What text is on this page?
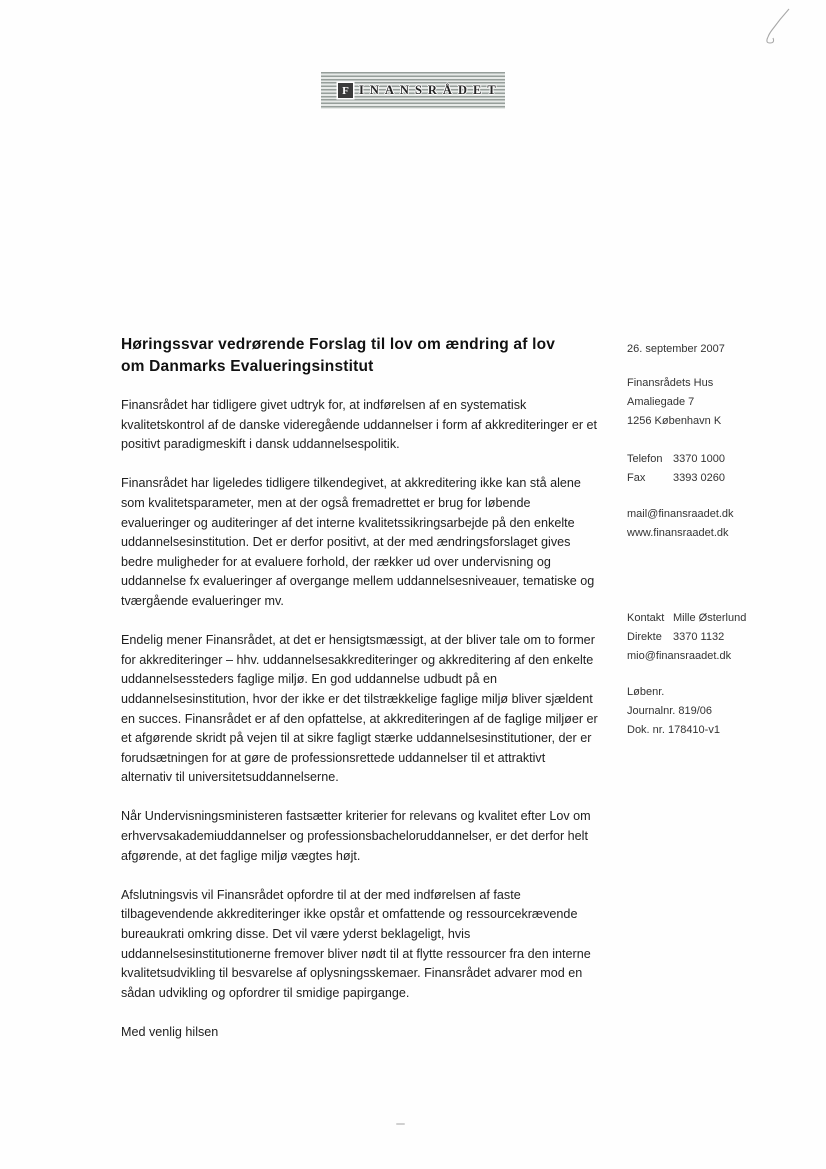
F INANSRÅDET
Høringssvar vedrørende Forslag til lov om ændring af lov
om Danmarks Evalueringsinstitut

Finansrådet har tidligere givet udtryk for, at indførelsen af en systematisk kvalitetskontrol af de danske videregående uddannelser i form af akkrediteringer er et positivt paradigmeskift i dansk uddannelsespolitik.

Finansrådet har ligeledes tidligere tilkendegivet, at akkreditering ikke kan stå alene som kvalitetsparameter, men at der også fremadrettet er brug for løbende evalueringer og auditeringer af det interne kvalitetssikringsarbejde på den enkelte uddannelsesinstitution. Det er derfor positivt, at der med ændringsforslaget gives bedre muligheder for at evaluere forhold, der rækker ud over undervisning og uddannelse fx evalueringer af overgange mellem uddannelsesniveauer, tematiske og tværgående evalueringer mv.

Endelig mener Finansrådet, at det er hensigtsmæssigt, at der bliver tale om to former for akkrediteringer – hhv. uddannelsesakkrediteringer og akkreditering af den enkelte uddannelsessteders faglige miljø. En god uddannelse udbudt på en uddannelsesinstitution, hvor der ikke er det tilstrækkelige faglige miljø bliver sjældent en succes. Finansrådet er af den opfattelse, at akkrediteringen af de faglige miljøer er et afgørende skridt på vejen til at sikre fagligt stærke uddannelsesinstitutioner, der er forudsætningen for at gøre de professionsrettede uddannelser til et attraktivt alternativ til universitetsuddannelserne.

Når Undervisningsministeren fastsætter kriterier for relevans og kvalitet efter Lov om erhvervsakademiuddannelser og professionsbacheloruddannelser, er det derfor helt afgørende, at det faglige miljø vægtes højt.

Afslutningsvis vil Finansrådet opfordre til at der med indførelsen af faste tilbagevendende akkrediteringer ikke opstår et omfattende og ressourcekrævende bureaukrati omkring disse. Det vil være yderst beklageligt, hvis uddannelsesinstitutionerne fremover bliver nødt til at flytte ressourcer fra den interne kvalitetsudvikling til besvarelse af oplysningsskemaer. Finansrådet advarer mod en sådan udvikling og opfordrer til smidige papirgange.

Med venlig hilsen

26. september 2007
Finansrådets Hus
Amaliegade 7
1256 København K
Telefon 3370 1000
Fax	3393 0260
mail@finansraadet.dk
www.finansraadet.dk
Kontakt Mille Østerlund
Direkte	3370 1132
mio@finansraadet.dk
Løbenr.
Journalnr. 819/06
Dok. nr. 178410-v1
